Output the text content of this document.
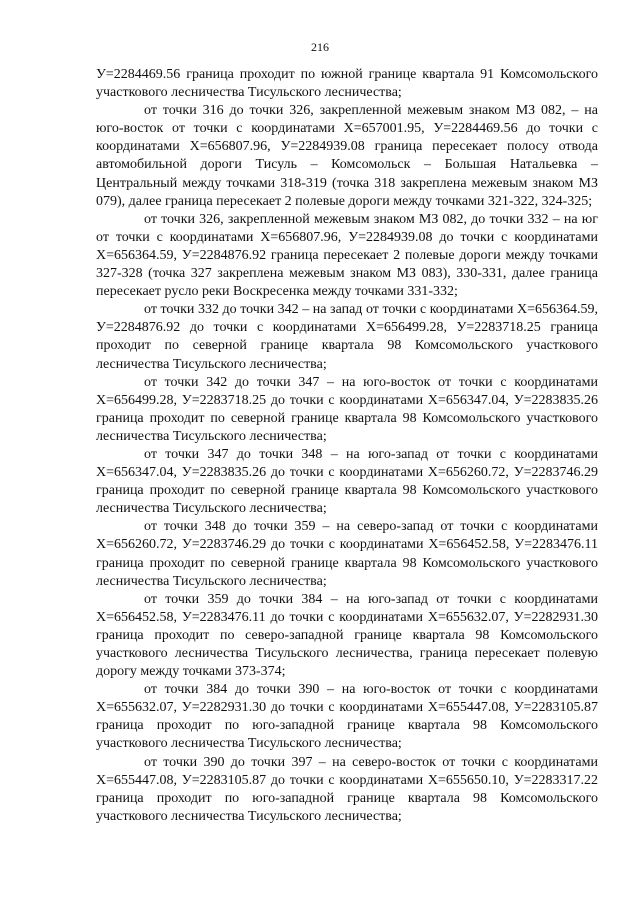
216

У=2284469.56 граница проходит по южной границе квартала 91 Комсомольского участкового лесничества Тисульского лесничества;

от точки 316 до точки 326, закрепленной межевым знаком МЗ 082, – на юго-восток от точки с координатами Х=657001.95, У=2284469.56 до точки с координатами Х=656807.96, У=2284939.08 граница пересекает полосу отвода автомобильной дороги Тисуль – Комсомольск – Большая Натальевка – Центральный между точками 318-319 (точка 318 закреплена межевым знаком МЗ 079), далее граница пересекает 2 полевые дороги между точками 321-322, 324-325;

от точки 326, закрепленной межевым знаком МЗ 082, до точки 332 – на юг от точки с координатами Х=656807.96, У=2284939.08 до точки с координатами Х=656364.59, У=2284876.92 граница пересекает 2 полевые дороги между точками 327-328 (точка 327 закреплена межевым знаком МЗ 083), 330-331, далее граница пересекает русло реки Воскресенка между точками 331-332;

от точки 332 до точки 342 – на запад от точки с координатами Х=656364.59, У=2284876.92 до точки с координатами Х=656499.28, У=2283718.25 граница проходит по северной границе квартала 98 Комсомольского участкового лесничества Тисульского лесничества;

от точки 342 до точки 347 – на юго-восток от точки с координатами Х=656499.28, У=2283718.25 до точки с координатами Х=656347.04, У=2283835.26 граница проходит по северной границе квартала 98 Комсомольского участкового лесничества Тисульского лесничества;

от точки 347 до точки 348 – на юго-запад от точки с координатами Х=656347.04, У=2283835.26 до точки с координатами Х=656260.72, У=2283746.29 граница проходит по северной границе квартала 98 Комсомольского участкового лесничества Тисульского лесничества;

от точки 348 до точки 359 – на северо-запад от точки с координатами Х=656260.72, У=2283746.29 до точки с координатами Х=656452.58, У=2283476.11 граница проходит по северной границе квартала 98 Комсомольского участкового лесничества Тисульского лесничества;

от точки 359 до точки 384 – на юго-запад от точки с координатами Х=656452.58, У=2283476.11 до точки с координатами Х=655632.07, У=2282931.30 граница проходит по северо-западной границе квартала 98 Комсомольского участкового лесничества Тисульского лесничества, граница пересекает полевую дорогу между точками 373-374;

от точки 384 до точки 390 – на юго-восток от точки с координатами Х=655632.07, У=2282931.30 до точки с координатами Х=655447.08, У=2283105.87 граница проходит по юго-западной границе квартала 98 Комсомольского участкового лесничества Тисульского лесничества;

от точки 390 до точки 397 – на северо-восток от точки с координатами Х=655447.08, У=2283105.87 до точки с координатами Х=655650.10, У=2283317.22 граница проходит по юго-западной границе квартала 98 Комсомольского участкового лесничества Тисульского лесничества;
